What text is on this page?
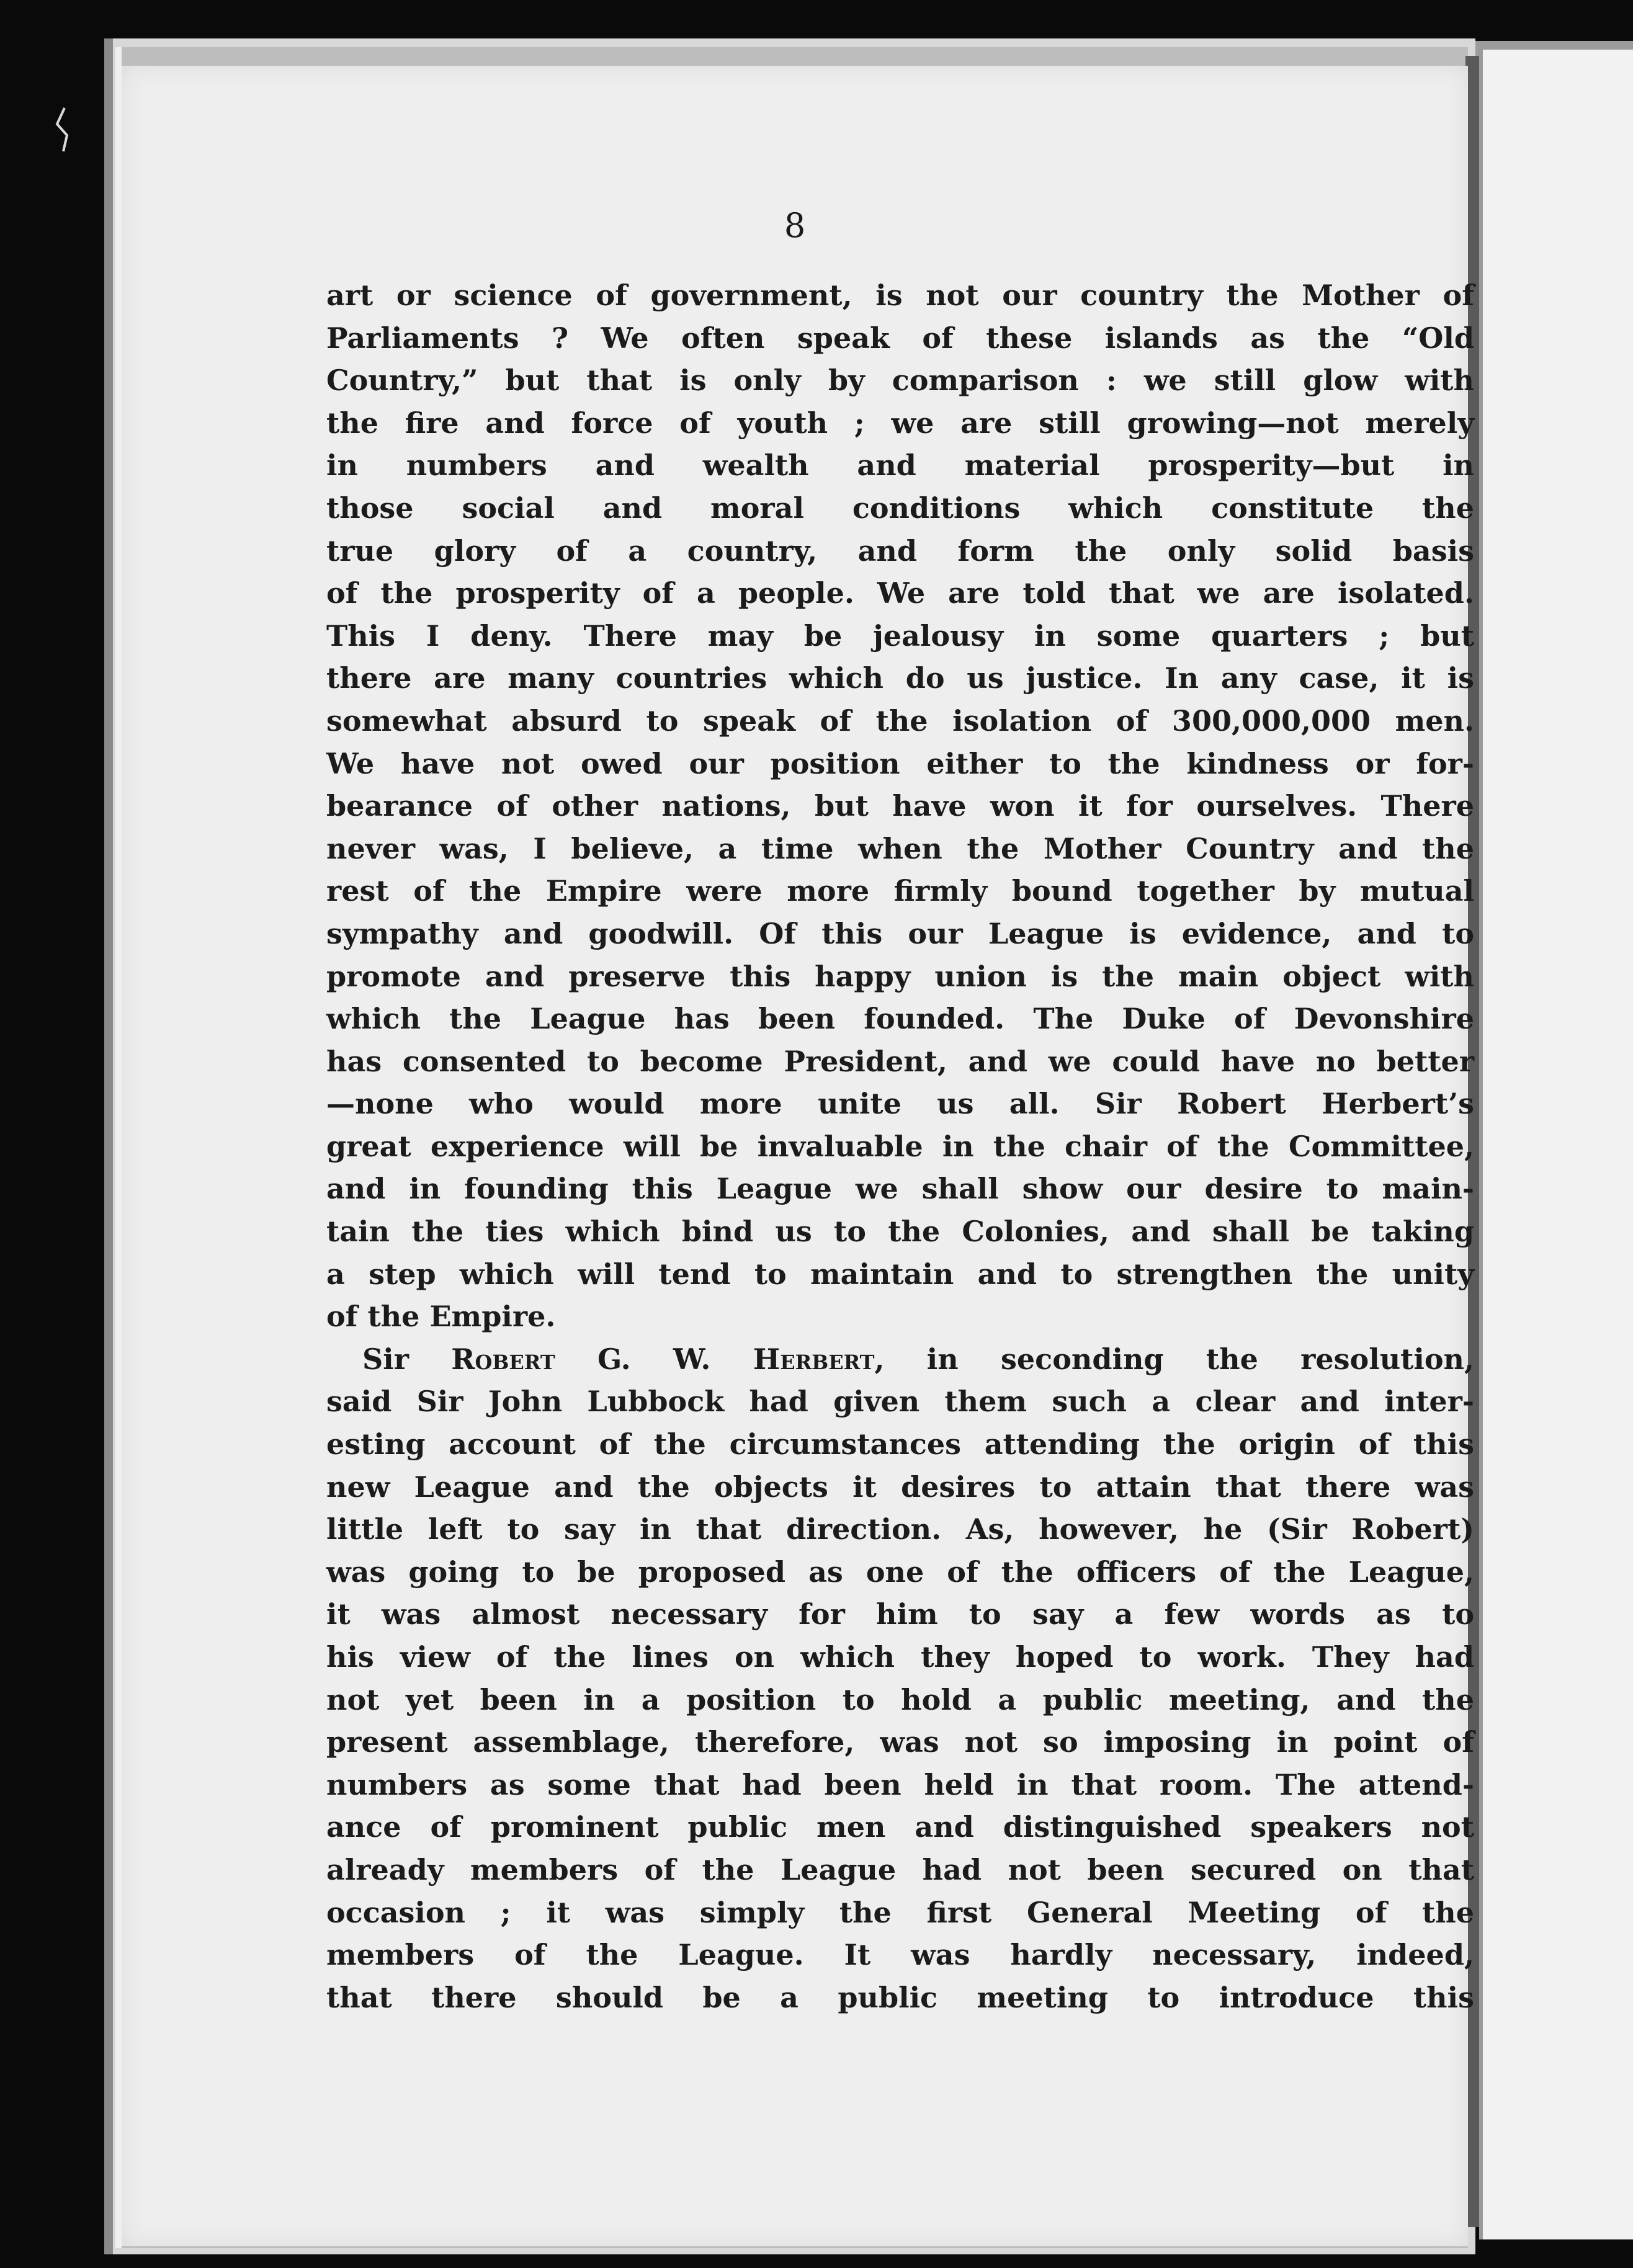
8
art or science of government, is not our country the Mother of
Parliaments ? We often speak of these islands as the “Old
Country,” but that is only by comparison : we still glow with
the fire and force of youth ; we are still growing—not merely
in numbers and wealth and material prosperity—but in
those social and moral conditions which constitute the
true glory of a country, and form the only solid basis
of the prosperity of a people. We are told that we are isolated.
This I deny. There may be jealousy in some quarters ; but
there are many countries which do us justice. In any case, it is
somewhat absurd to speak of the isolation of 300,000,000 men.
We have not owed our position either to the kindness or for-
bearance of other nations, but have won it for ourselves. There
never was, I believe, a time when the Mother Country and the
rest of the Empire were more firmly bound together by mutual
sympathy and goodwill. Of this our League is evidence, and to
promote and preserve this happy union is the main object with
which the League has been founded. The Duke of Devonshire
has consented to become President, and we could have no better
—none who would more unite us all. Sir Robert Herbert’s
great experience will be invaluable in the chair of the Committee,
and in founding this League we shall show our desire to main-
tain the ties which bind us to the Colonies, and shall be taking
a step which will tend to maintain and to strengthen the unity
of the Empire.
Sir Robert G. W. Herbert, in seconding the resolution,
said Sir John Lubbock had given them such a clear and inter-
esting account of the circumstances attending the origin of this
new League and the objects it desires to attain that there was
little left to say in that direction. As, however, he (Sir Robert)
was going to be proposed as one of the officers of the League,
it was almost necessary for him to say a few words as to
his view of the lines on which they hoped to work. They had
not yet been in a position to hold a public meeting, and the
present assemblage, therefore, was not so imposing in point of
numbers as some that had been held in that room. The attend-
ance of prominent public men and distinguished speakers not
already members of the League had not been secured on that
occasion ; it was simply the first General Meeting of the
members of the League. It was hardly necessary, indeed,
that there should be a public meeting to introduce this
